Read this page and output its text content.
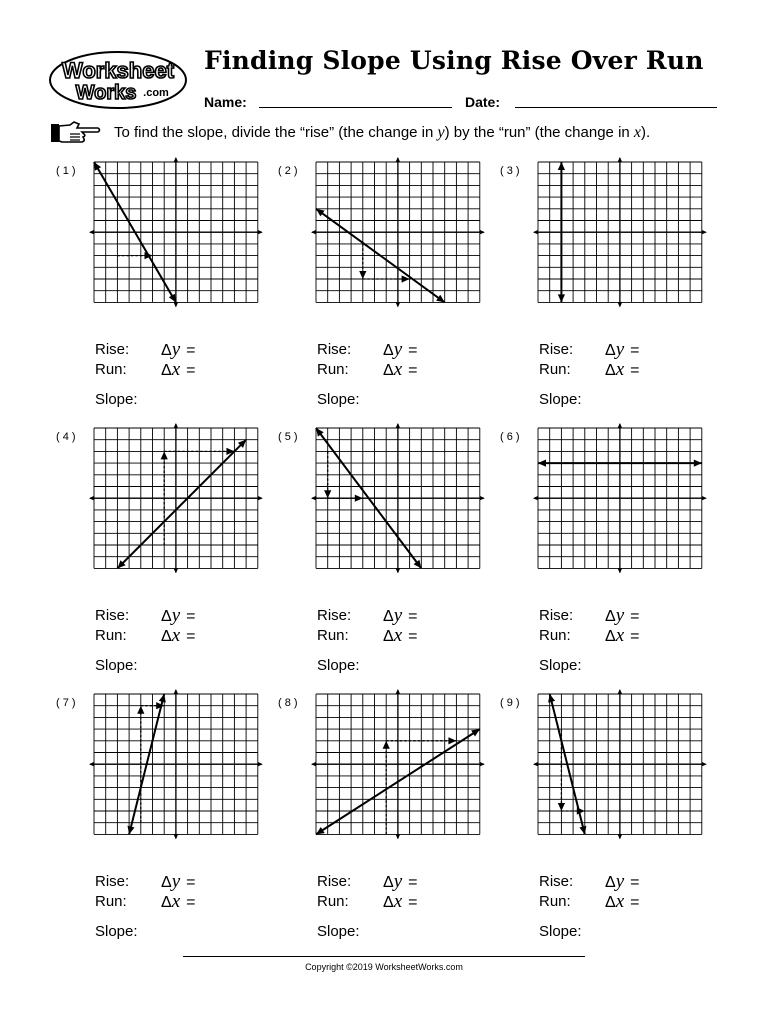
Worksheet
Works .com
Finding Slope Using Rise Over Run
Name:	Date:
To find the slope, divide the “rise” (the change in y) by the “run” (the change in x).
( 1 )
Rise:
Run:
Slope:
Δy =
Δx =
( 2 )
Rise:
Run:
Slope:
Δy =
Δx =
( 3 )
Rise:
Run:
Slope:
Δy =
Δx =
( 4 )
Rise:
Run:
Slope:
Δy =
Δx =
( 5 )
Rise:
Run:
Slope:
Δy =
Δx =
( 6 )
Rise:
Run:
Slope:
Δy =
Δx =
( 7 )
Rise:
Run:
Slope:
Δy =
Δx =
( 8 )
Rise:
Run:
Slope:
Δy =
Δx =
( 9 )
Rise:
Run:
Slope:
Δy =
Δx =
Copyright ©2019 WorksheetWorks.com
